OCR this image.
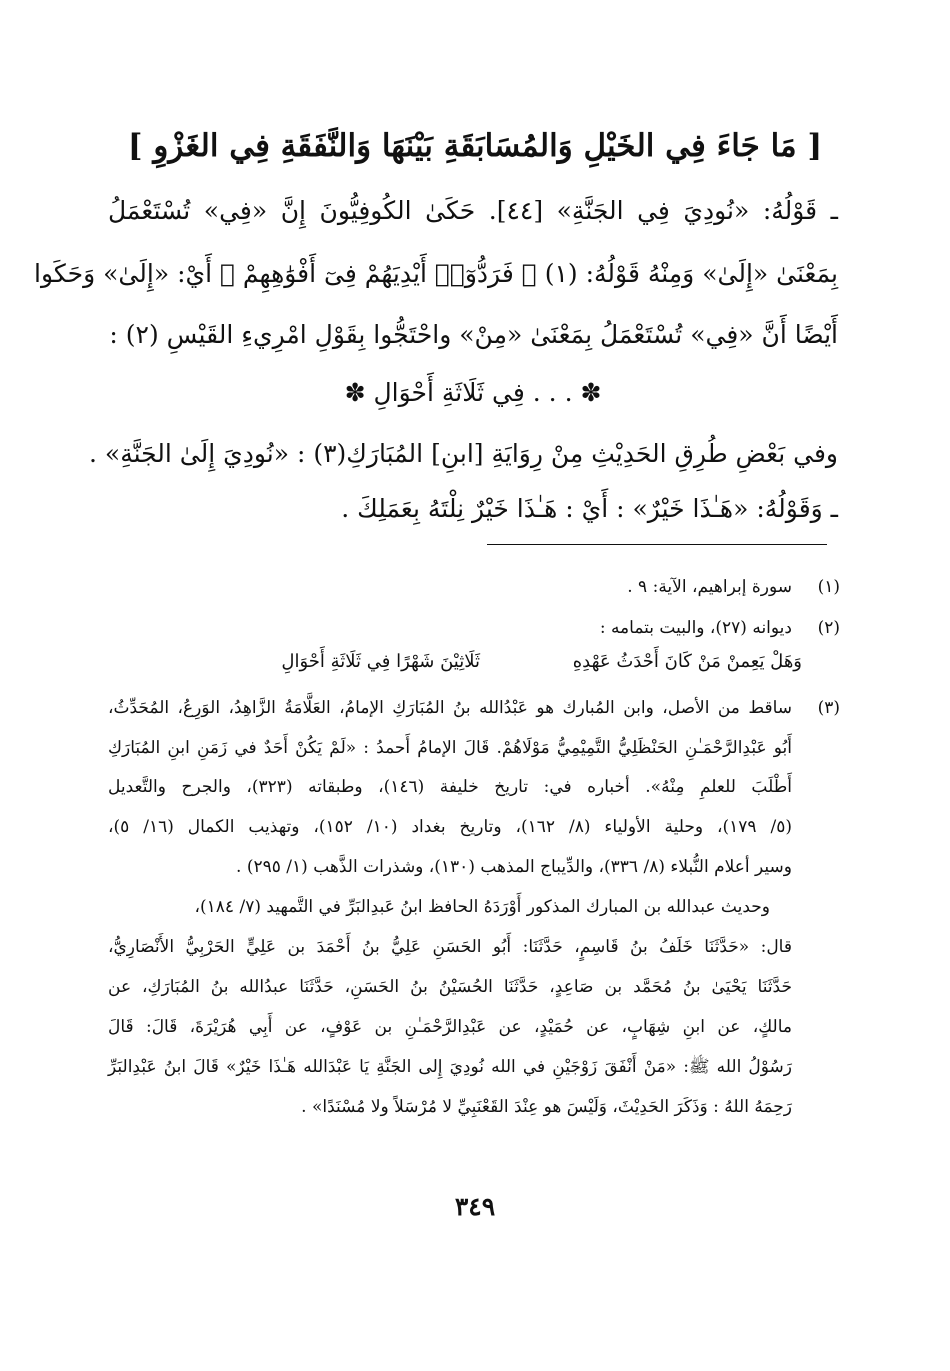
[ مَا جَاءَ فِي الخَيْلِ وَالمُسَابَقَةِ بَيْنَهَا وَالنَّفَقَةِ فِي الغَزْوِ ]
ـ قَوْلُهُ: «نُودِيَ فِي الجَنَّةِ» [٤٤]. حَكَىٰ الكُوفِيُّونَ إِنَّ «فِي» تُسْتَعْمَلُ
بِمَعْنَىٰ «إِلَىٰ» وَمِنْهُ قَوْلُهُ: (١) ﴿ فَرَدُّوٓا۟ أَيْدِيَهُمْ فِىٓ أَفْوَٰهِهِمْ ﴾ أَيْ: «إِلَىٰ» وَحَكَوا
أَيْضًا أَنَّ «فِي» تُسْتَعْمَلُ بِمَعْنَىٰ «مِنْ» واحْتَجُّوا بِقَوْلِ امْرِيءِ القَيْسِ (٢) :
✽ . . . فِي ثَلَاثَةِ أَحْوَالِ ✽
وفي بَعْضِ طُرِقِ الحَدِيْثِ مِنْ رِوَايَةِ [ابنِ] المُبَارَكِ(٣) : «نُودِيَ إِلَىٰ الجَنَّةِ» .
ـ وَقَوْلُهُ: «هَـٰذَا خَيْرٌ» : أَيْ : هَـٰذَا خَيْرٌ نِلْتَهُ بِعَمَلِكَ .
(١)
سورة إبراهيم، الآية: ٩ .
(٢)
ديوانه (٢٧)، والبيت بتمامه :
وَهَلْ يَعِمنْ مَنْ كَانَ أَحْدَثُ عَهْدِهِ
ثَلَاثِيْنَ شَهْرًا فِي ثَلَاثَةِ أَحْوَالِ
(٣)
ساقط من الأصل، وابن المُبارك هو عَبْدُالله بنُ المُبَارَكِ الإمامُ، العَلَّامَةُ الزَّاهِدُ، الوَرِعُ، المُحَدِّثُ،
أَبُو عَبْدِالرَّحْمَـٰنِ الحَنْظَلِيُّ التَّمِيْمِيُّ مَوْلَاهُمْ. قَالَ الإمامُ أَحمدُ : «لَمْ يَكُنْ أَحَدٌ في زَمَنِ ابنِ المُبَارَكِ
أَطْلَبَ للعلمِ مِنْهُ». أخباره في: تاريخ خليفة (١٤٦)، وطبقاته (٣٢٣)، والجرح والتَّعديل
(٥/ ١٧٩)، وحلية الأولياء (٨/ ١٦٢)، وتاريخ بغداد (١٠/ ١٥٢)، وتهذيب الكمال (١٦/ ٥)،
وسير أعلام النُّبلاء (٨/ ٣٣٦)، والدِّيباج المذهب (١٣٠)، وشذرات الذَّهب (١/ ٢٩٥) .
وحديث عبدالله بن المبارك المذكور أَوْرَدَهُ الحافظ ابنُ عَبدِالبَرِّ في التَّمهيد (٧/ ١٨٤)،
قال: «حَدَّثَنَا خَلَفُ بنُ قَاسِمٍ، حَدَّثَنَا: أَبُو الحَسَنِ عَلِيُّ بنُ أَحْمَدَ بن عَلِيٍّ الحَرْبِيُّ الأَنْصَارِيُّ،
حَدَّثَنَا يَحْيَىٰ بنُ مُحَمَّد بن صَاعِدٍ، حَدَّثَنَا الحُسَيْنُ بنُ الحَسَنِ، حَدَّثَنَا عبدُالله بنُ المُبَارَكِ، عن
مالكٍ، عن ابنِ شِهَابٍ، عن حُمَيْدٍ، عن عَبْدِالرَّحْمَـٰنِ بن عَوْفٍ، عن أَبِي هُرَيْرَةَ، قَالَ: قَالَ
رَسُوْلُ الله ﷺ: «مَنْ أَنْفَقَ زَوْجَيْنِ في الله نُودِيَ إِلى الجَنَّةِ يَا عَبْدَالله هَـٰذَا خَيْرٌ» قَالَ ابنُ عَبْدِالبَرِّ
رَحِمَهُ اللهُ : وَذَكَرَ الحَدِيْثَ، وَلَيْسَ هو عِنْدَ القَعْنَبِيِّ لا مُرْسَلاً ولا مُسْنَدًا» .
٣٤٩
